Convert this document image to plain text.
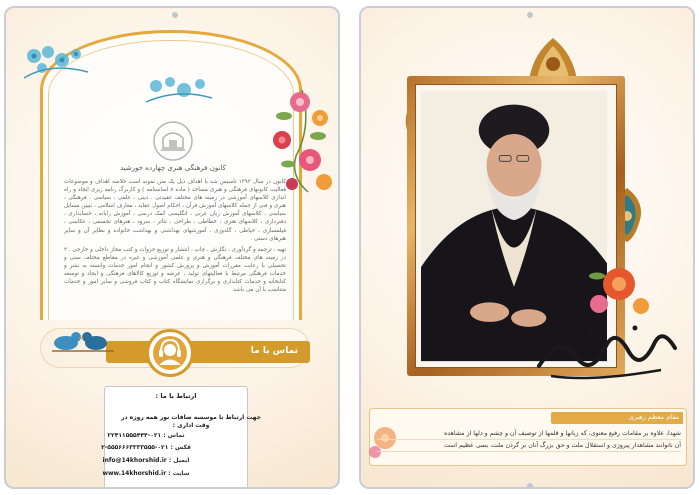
کانون فرهنگی هنری چهارده خورشید

کانون در سال ۱۳۹۲ تاسیس شد با اهداف ذیل یک متن نمونه است خلاصه اهداف و موضوعات فعالیت کانونهای فرهنگی و هنری مساجد ( ماده ۸ اساسنامه ) و کاربرگ رنامه ریزی ایجاد و راه اندازی کلاسهای آموزشی در زمینه های مختلف عقیدتی ، دینی ، علمی ، سیاسی ، فرهنگی ، هنری و فنی از جمله کلاسهای آموزش قرآن ، احکام اصول عقاید ، معارف اسلامی ، تبیین مسایل سیاسی ، کلاسهای آموزش زبان عربی ، انگلیسی کمک درسی ، آموزش رایانه ، حسابداری ، دفترداری ، کلاسهای هنری ، خطاطی ، طراحی ، تئاتر ، سرود ، هنرهای تجسمی ، عکاسی ، فیلمسازی ، خیاطی ، گلدوزی ، آموزشهای بهداشتی و بهداشت خانواده و نظایر آن و سایر هنرهای دستی .

تهیه ، ترجمه و گردآوری ، نگارش ، چاپ ، انتشار و توزیع جزوات و کتب مجاز داخلی و خارجی . ۲ در زمینه های مختلف فرهنگی و هنری و علمی آموزشی و غیره در مقاطع مختلف سنی و تحصیلی با رعایت مقررات آموزش و پرورش کشور و انجام امور خدمات وابسته به نشر و خدمات فرهنگی مرتبط با فعالیتهای تولید ، عرضه و توزیع کالاهای فرهنگی و ایجاد و توسعه کتابخانه و خدمات کتابداری و برگزاری نمایشگاه کتاب و کتاب فروشی و سایر امور و خدمات متناسب با آن می باشد

تماس با ما
ارتباط با ما :
جهت ارتباط با موسسه صافات نور همه روزه در وقت اداری :
تماس : ۰۲۱-۲۲۴۱۱۵۵۵۴۴۴
فکس : ۰۲۱-۵۵۵۶۶۶۳۳۳۳۵۵۵-۲
ایمیل : info@14khorshid.ir
سایت : www.14khorshid.ir
مقام معظم رهبری
شهدا، علاوه بر مقامات رفیع معنوی، که زبانها و قلمها از توصیف آن و چشم و دلها از مشاهده
آن ناتوانند مشاهدار پیروزی و استقلال ملت و حق بزرگ آنان بر گردن ملت، بسی عظیم است
